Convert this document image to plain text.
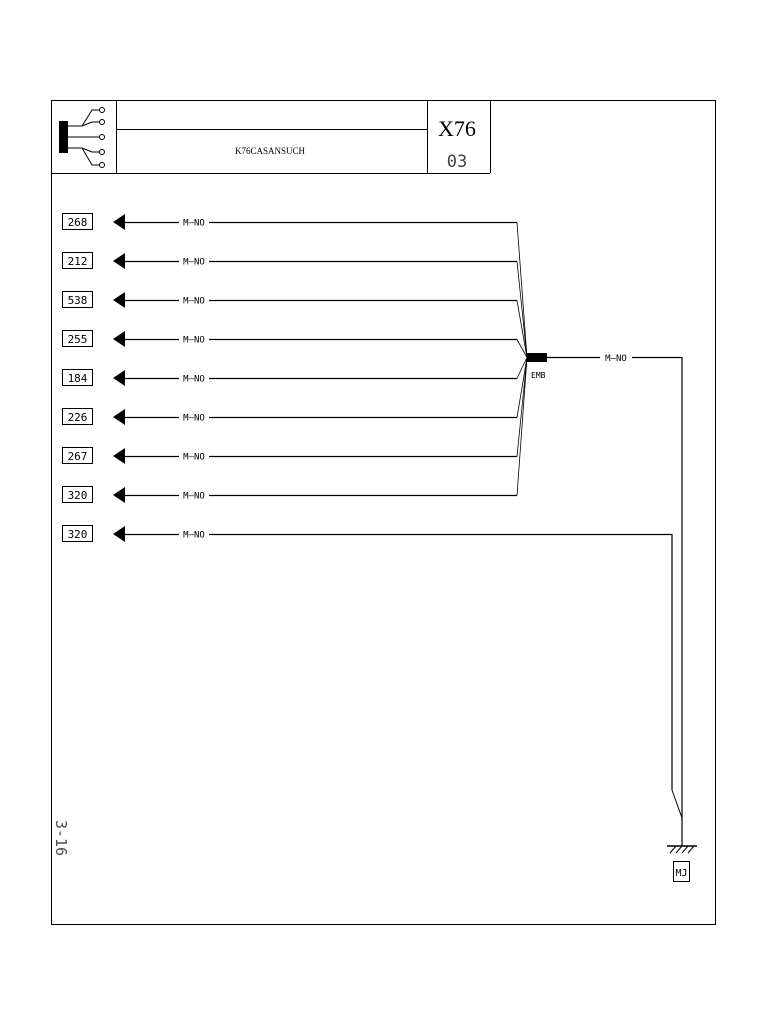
K76CASANSUCH
X76
03
268	M—NO
212	M—NO
538	M—NO
255	M—NO
184	M—NO
226	M—NO
267	M—NO
320	M—NO
320	M—NO
EMB
M—NO
MJ
3-16
